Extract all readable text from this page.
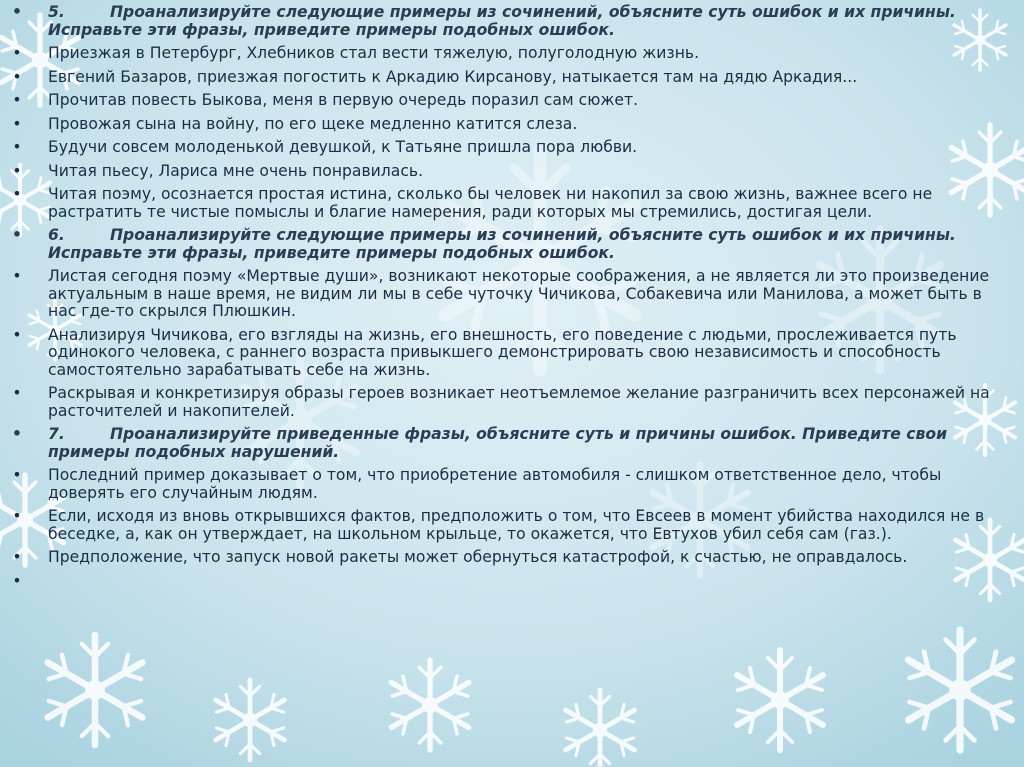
• 5.	Проанализируйте следующие примеры из сочинений, объясните суть ошибок и их причины. Исправьте эти фразы, приведите примеры подобных ошибок.
• Приезжая в Петербург, Хлебников стал вести тяжелую, полуголодную жизнь.
• Евгений Базаров, приезжая погостить к Аркадию Кирсанову, натыкается там на дядю Аркадия...
• Прочитав повесть Быкова, меня в первую очередь поразил сам сюжет.
• Провожая сына на войну, по его щеке медленно катится слеза.
• Будучи совсем молоденькой девушкой, к Татьяне пришла пора любви.
• Читая пьесу, Лариса мне очень понравилась.
• Читая поэму, осознается простая истина, сколько бы человек ни накопил за свою жизнь, важнее всего не растратить те чистые помыслы и благие намерения, ради которых мы стремились, достигая цели.
• 6.	Проанализируйте следующие примеры из сочинений, объясните суть ошибок и их причины. Исправьте эти фразы, приведите примеры подобных ошибок.
• Листая сегодня поэму «Мертвые души», возникают некоторые соображения, а не является ли это произведение актуальным в наше время, не видим ли мы в себе чуточку Чичикова, Собакевича или Манилова, а может быть в нас где-то скрылся Плюшкин.
• Анализируя Чичикова, его взгляды на жизнь, его внешность, его поведение с людьми, прослеживается путь одинокого человека, с раннего возраста привыкшего демонстрировать свою независимость и способность самостоятельно зарабатывать себе на жизнь.
• Раскрывая и конкретизируя образы героев возникает неотъемлемое желание разграничить всех персонажей на расточителей и накопителей.
• 7.	Проанализируйте приведенные фразы, объясните суть и причины ошибок. Приведите свои примеры подобных нарушений.
• Последний пример доказывает о том, что приобретение автомобиля - слишком ответственное дело, чтобы доверять его случайным людям.
• Если, исходя из вновь открывшихся фактов, предположить о том, что Евсеев в момент убийства находился не в беседке, а, как он утверждает, на школьном крыльце, то окажется, что Евтухов убил себя сам (газ.).
• Предположение, что запуск новой ракеты может обернуться катастрофой, к счастью, не оправдалось.
•
